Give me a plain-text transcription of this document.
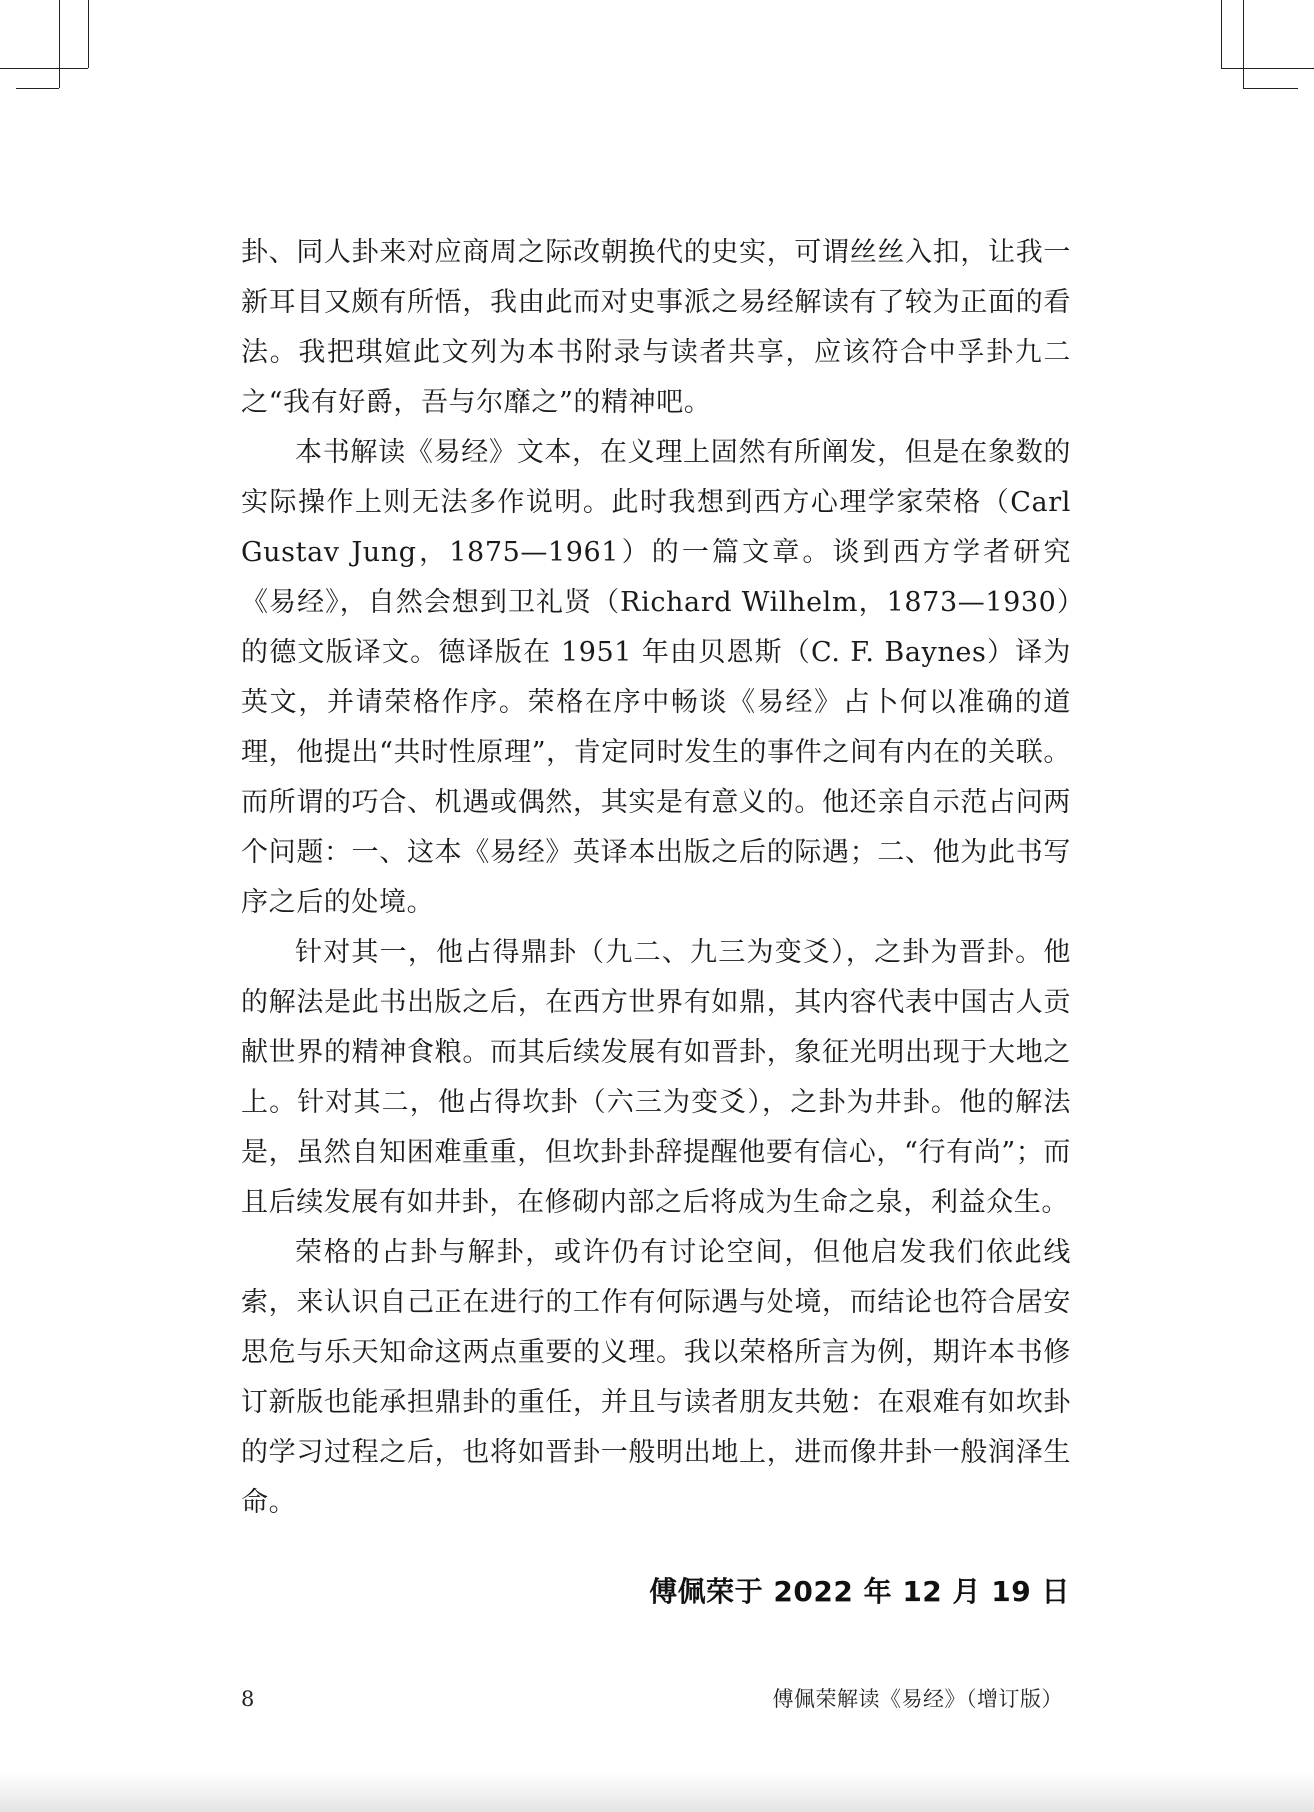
卦、同人卦来对应商周之际改朝换代的史实，可谓丝丝入扣，让我一新耳目又颇有所悟，我由此而对史事派之易经解读有了较为正面的看法。我把琪媗此文列为本书附录与读者共享，应该符合中孚卦九二之“我有好爵，吾与尔靡之”的精神吧。

本书解读《易经》文本，在义理上固然有所阐发，但是在象数的实际操作上则无法多作说明。此时我想到西方心理学家荣格（Carl Gustav Jung，1875—1961）的一篇文章。谈到西方学者研究《易经》，自然会想到卫礼贤（Richard Wilhelm，1873—1930）的德文版译文。德译版在 1951 年由贝恩斯（C. F. Baynes）译为英文，并请荣格作序。荣格在序中畅谈《易经》占卜何以准确的道理，他提出“共时性原理”，肯定同时发生的事件之间有内在的关联。而所谓的巧合、机遇或偶然，其实是有意义的。他还亲自示范占问两个问题：一、这本《易经》英译本出版之后的际遇；二、他为此书写序之后的处境。

针对其一，他占得鼎卦（九二、九三为变爻），之卦为晋卦。他的解法是此书出版之后，在西方世界有如鼎，其内容代表中国古人贡献世界的精神食粮。而其后续发展有如晋卦，象征光明出现于大地之上。针对其二，他占得坎卦（六三为变爻），之卦为井卦。他的解法是，虽然自知困难重重，但坎卦卦辞提醒他要有信心，“行有尚”；而且后续发展有如井卦，在修砌内部之后将成为生命之泉，利益众生。

荣格的占卦与解卦，或许仍有讨论空间，但他启发我们依此线索，来认识自己正在进行的工作有何际遇与处境，而结论也符合居安思危与乐天知命这两点重要的义理。我以荣格所言为例，期许本书修订新版也能承担鼎卦的重任，并且与读者朋友共勉：在艰难有如坎卦的学习过程之后，也将如晋卦一般明出地上，进而像井卦一般润泽生命。

傅佩荣于 2022 年 12 月 19 日
8	傅佩荣解读《易经》（增订版）
